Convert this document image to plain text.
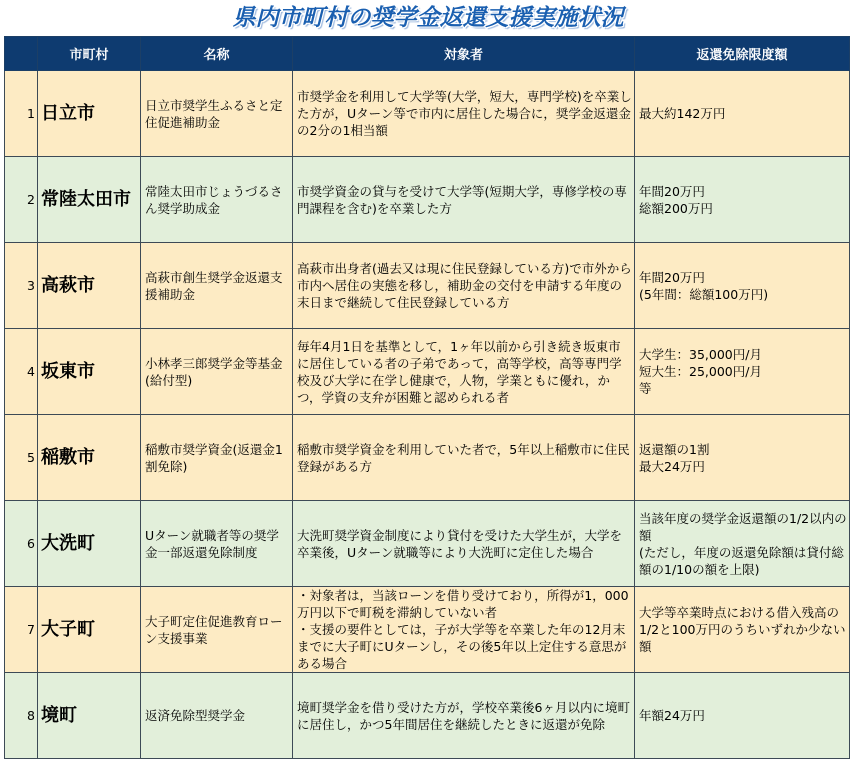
県内市町村の奨学金返還支援実施状況
	市町村	名称	対象者	返還免除限度額
1	日立市	日立市奨学生ふるさと定住促進補助金	市奨学金を利用して大学等(大学，短大，専門学校)を卒業した方が，Uターン等で市内に居住した場合に，奨学金返還金の2分の1相当額	最大約142万円

2	常陸太田市	常陸太田市じょうづるさん奨学助成金	市奨学資金の貸与を受けて大学等(短期大学，専修学校の専門課程を含む)を卒業した方	年間20万円
総額200万円

3	高萩市	高萩市創生奨学金返還支援補助金	高萩市出身者(過去又は現に住民登録している方)で市外から市内へ居住の実態を移し，補助金の交付を申請する年度の末日まで継続して住民登録している方	年間20万円
(5年間：総額100万円)

4	坂東市	小林孝三郎奨学金等基金(給付型)	毎年4月1日を基準として，1ヶ年以前から引き続き坂東市に居住している者の子弟であって，高等学校，高等専門学校及び大学に在学し健康で，人物，学業ともに優れ，かつ，学資の支弁が困難と認められる者	大学生：35,000円/月
短大生：25,000円/月
等

5	稲敷市	稲敷市奨学資金(返還金1割免除)	稲敷市奨学資金を利用していた者で，5年以上稲敷市に住民登録がある方	返還額の1割
最大24万円

6	大洗町	Uターン就職者等の奨学金一部返還免除制度	大洗町奨学資金制度により貸付を受けた大学生が，大学を卒業後，Uターン就職等により大洗町に定住した場合	当該年度の奨学金返還額の1/2以内の額
(ただし，年度の返還免除額は貸付総額の1/10の額を上限)

7	大子町	大子町定住促進教育ローン支援事業	・対象者は，当該ローンを借り受けており，所得が1，000万円以下で町税を滞納していない者
・支援の要件としては，子が大学等を卒業した年の12月末までに大子町にUターンし，その後5年以上定住する意思がある場合	大学等卒業時点における借入残高の1/2と100万円のうちいずれか少ない額

8	境町	返済免除型奨学金	境町奨学金を借り受けた方が，学校卒業後6ヶ月以内に境町に居住し，かつ5年間居住を継続したときに返還が免除	年額24万円
